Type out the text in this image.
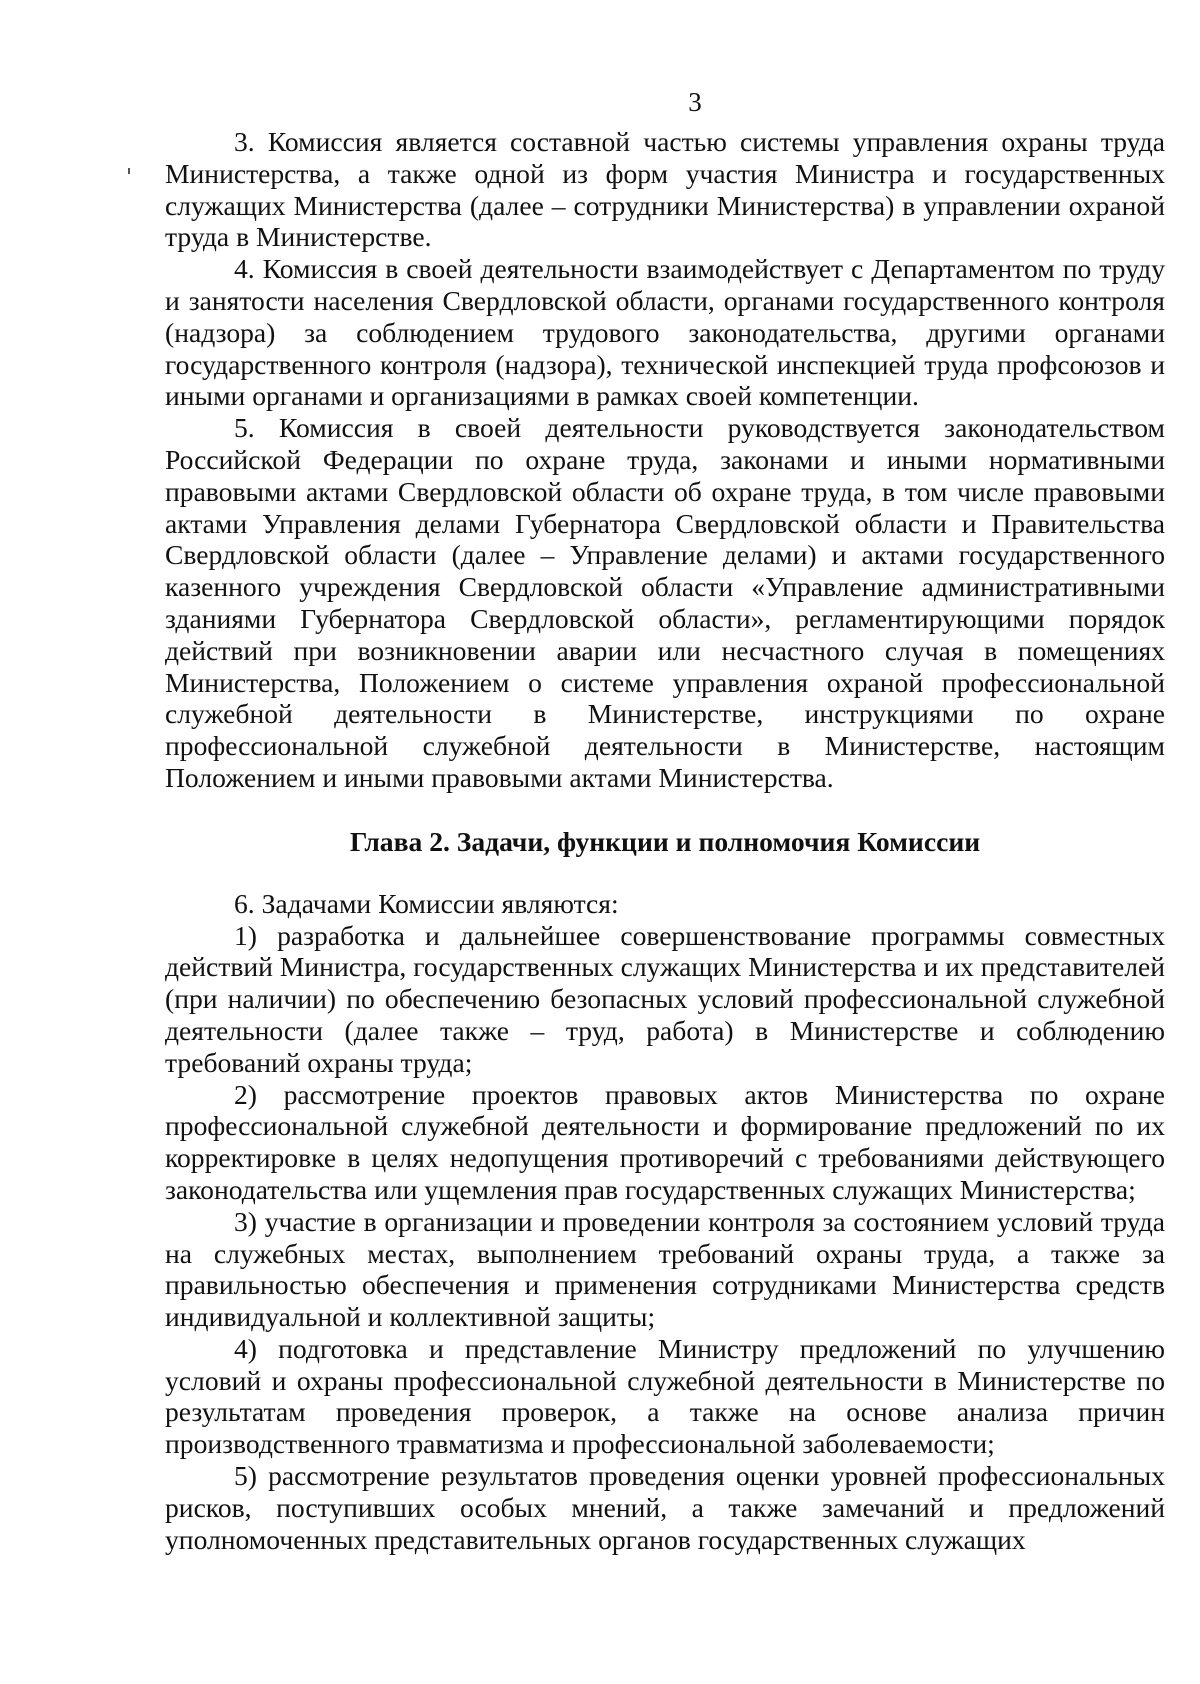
3

3. Комиссия является составной частью системы управления охраны труда Министерства, а также одной из форм участия Министра и государственных служащих Министерства (далее – сотрудники Министерства) в управлении охраной труда в Министерстве.

4. Комиссия в своей деятельности взаимодействует с Департаментом по труду и занятости населения Свердловской области, органами государственного контроля (надзора) за соблюдением трудового законодательства, другими органами государственного контроля (надзора), технической инспекцией труда профсоюзов и иными органами и организациями в рамках своей компетенции.

5. Комиссия в своей деятельности руководствуется законодательством Российской Федерации по охране труда, законами и иными нормативными правовыми актами Свердловской области об охране труда, в том числе правовыми актами Управления делами Губернатора Свердловской области и Правительства Свердловской области (далее – Управление делами) и актами государственного казенного учреждения Свердловской области «Управление административными зданиями Губернатора Свердловской области», регламентирующими порядок действий при возникновении аварии или несчастного случая в помещениях Министерства, Положением о системе управления охраной профессиональной служебной деятельности в Министерстве, инструкциями по охране профессиональной служебной деятельности в Министерстве, настоящим Положением и иными правовыми актами Министерства.

Глава 2. Задачи, функции и полномочия Комиссии

6. Задачами Комиссии являются:

1) разработка и дальнейшее совершенствование программы совместных действий Министра, государственных служащих Министерства и их представителей (при наличии) по обеспечению безопасных условий профессиональной служебной деятельности (далее также – труд, работа) в Министерстве и соблюдению требований охраны труда;

2) рассмотрение проектов правовых актов Министерства по охране профессиональной служебной деятельности и формирование предложений по их корректировке в целях недопущения противоречий с требованиями действующего законодательства или ущемления прав государственных служащих Министерства;

3) участие в организации и проведении контроля за состоянием условий труда на служебных местах, выполнением требований охраны труда, а также за правильностью обеспечения и применения сотрудниками Министерства средств индивидуальной и коллективной защиты;

4) подготовка и представление Министру предложений по улучшению условий и охраны профессиональной служебной деятельности в Министерстве по результатам проведения проверок, а также на основе анализа причин производственного травматизма и профессиональной заболеваемости;

5) рассмотрение результатов проведения оценки уровней профессиональных рисков, поступивших особых мнений, а также замечаний и предложений уполномоченных представительных органов государственных служащих
